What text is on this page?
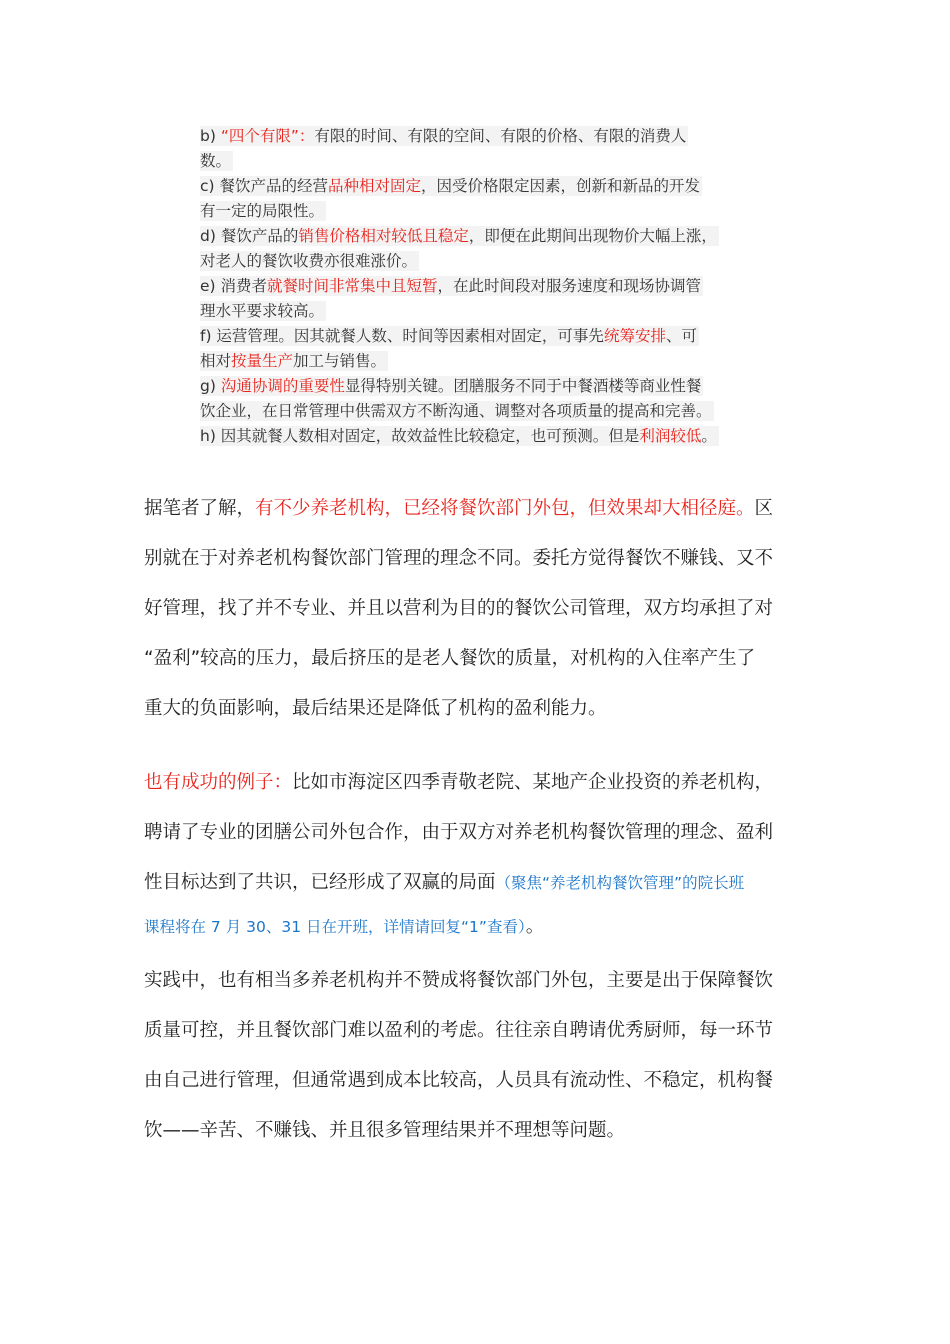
b) “四个有限”：有限的时间、有限的空间、有限的价格、有限的消费人
数。
c) 餐饮产品的经营品种相对固定，因受价格限定因素，创新和新品的开发
有一定的局限性。
d) 餐饮产品的销售价格相对较低且稳定，即便在此期间出现物价大幅上涨，
对老人的餐饮收费亦很难涨价。
e) 消费者就餐时间非常集中且短暂，在此时间段对服务速度和现场协调管
理水平要求较高。
f) 运营管理。因其就餐人数、时间等因素相对固定，可事先统筹安排、可
相对按量生产加工与销售。
g) 沟通协调的重要性显得特别关键。团膳服务不同于中餐酒楼等商业性餐
饮企业，在日常管理中供需双方不断沟通、调整对各项质量的提高和完善。
h) 因其就餐人数相对固定，故效益性比较稳定，也可预测。但是利润较低。
据笔者了解，有不少养老机构，已经将餐饮部门外包，但效果却大相径庭。区
别就在于对养老机构餐饮部门管理的理念不同。委托方觉得餐饮不赚钱、又不
好管理，找了并不专业、并且以营利为目的的餐饮公司管理，双方均承担了对
“盈利”较高的压力，最后挤压的是老人餐饮的质量，对机构的入住率产生了
重大的负面影响，最后结果还是降低了机构的盈利能力。
也有成功的例子：比如市海淀区四季青敬老院、某地产企业投资的养老机构，
聘请了专业的团膳公司外包合作，由于双方对养老机构餐饮管理的理念、盈利
性目标达到了共识，已经形成了双赢的局面（聚焦“养老机构餐饮管理”的院长班
课程将在 7 月 30、31 日在开班，详情请回复“1”查看）。
实践中，也有相当多养老机构并不赞成将餐饮部门外包，主要是出于保障餐饮
质量可控，并且餐饮部门难以盈利的考虑。往往亲自聘请优秀厨师，每一环节
由自己进行管理，但通常遇到成本比较高，人员具有流动性、不稳定，机构餐
饮——辛苦、不赚钱、并且很多管理结果并不理想等问题。
